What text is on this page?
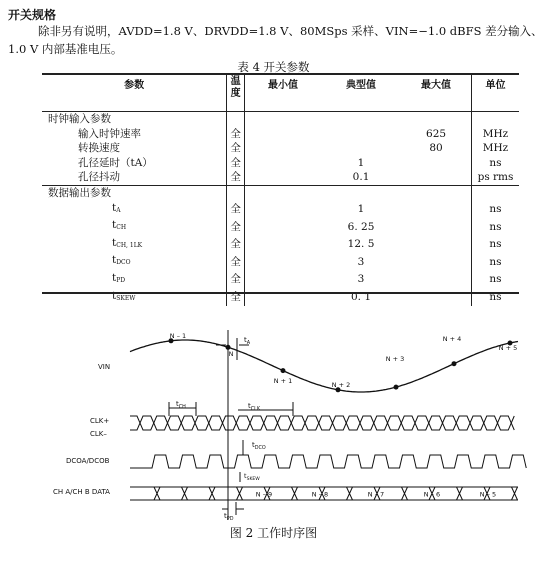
开关规格
除非另有说明，AVDD=1.8 V、DRVDD=1.8 V、80MSps 采样、VIN=−1.0 dBFS 差分输入、
1.0 V 内部基准电压。
表 4 开关参数
参数	温度	最小值	典型值	最大值	单位
时钟输入参数					
输入时钟速率	全			625	MHz
转换速度	全			80	MHz
孔径延时（tA）	全		1		ns
孔径抖动	全		0.1		ps rms
数据输出参数					
tA	全		1		ns
tCH	全		6. 25		ns
tCH, 1LK	全		12. 5		ns
tDCO	全		3		ns
tPD	全		3		ns
tSKEW	全		0. 1		ns
VIN
CLK+
CLK–
DCOA/DCOB
CH A/CH B DATA
N – 1
N
N + 1	N + 2
N + 3
N + 4
N + 5
$t_A$
$t_{CH}$	$t_{CLK}$
$t_{DCO}$
$t_{SKEW}$
N – 9	N – 8	N – 7	N – 6	N – 5
$t_{PD}$
图 2 工作时序图
